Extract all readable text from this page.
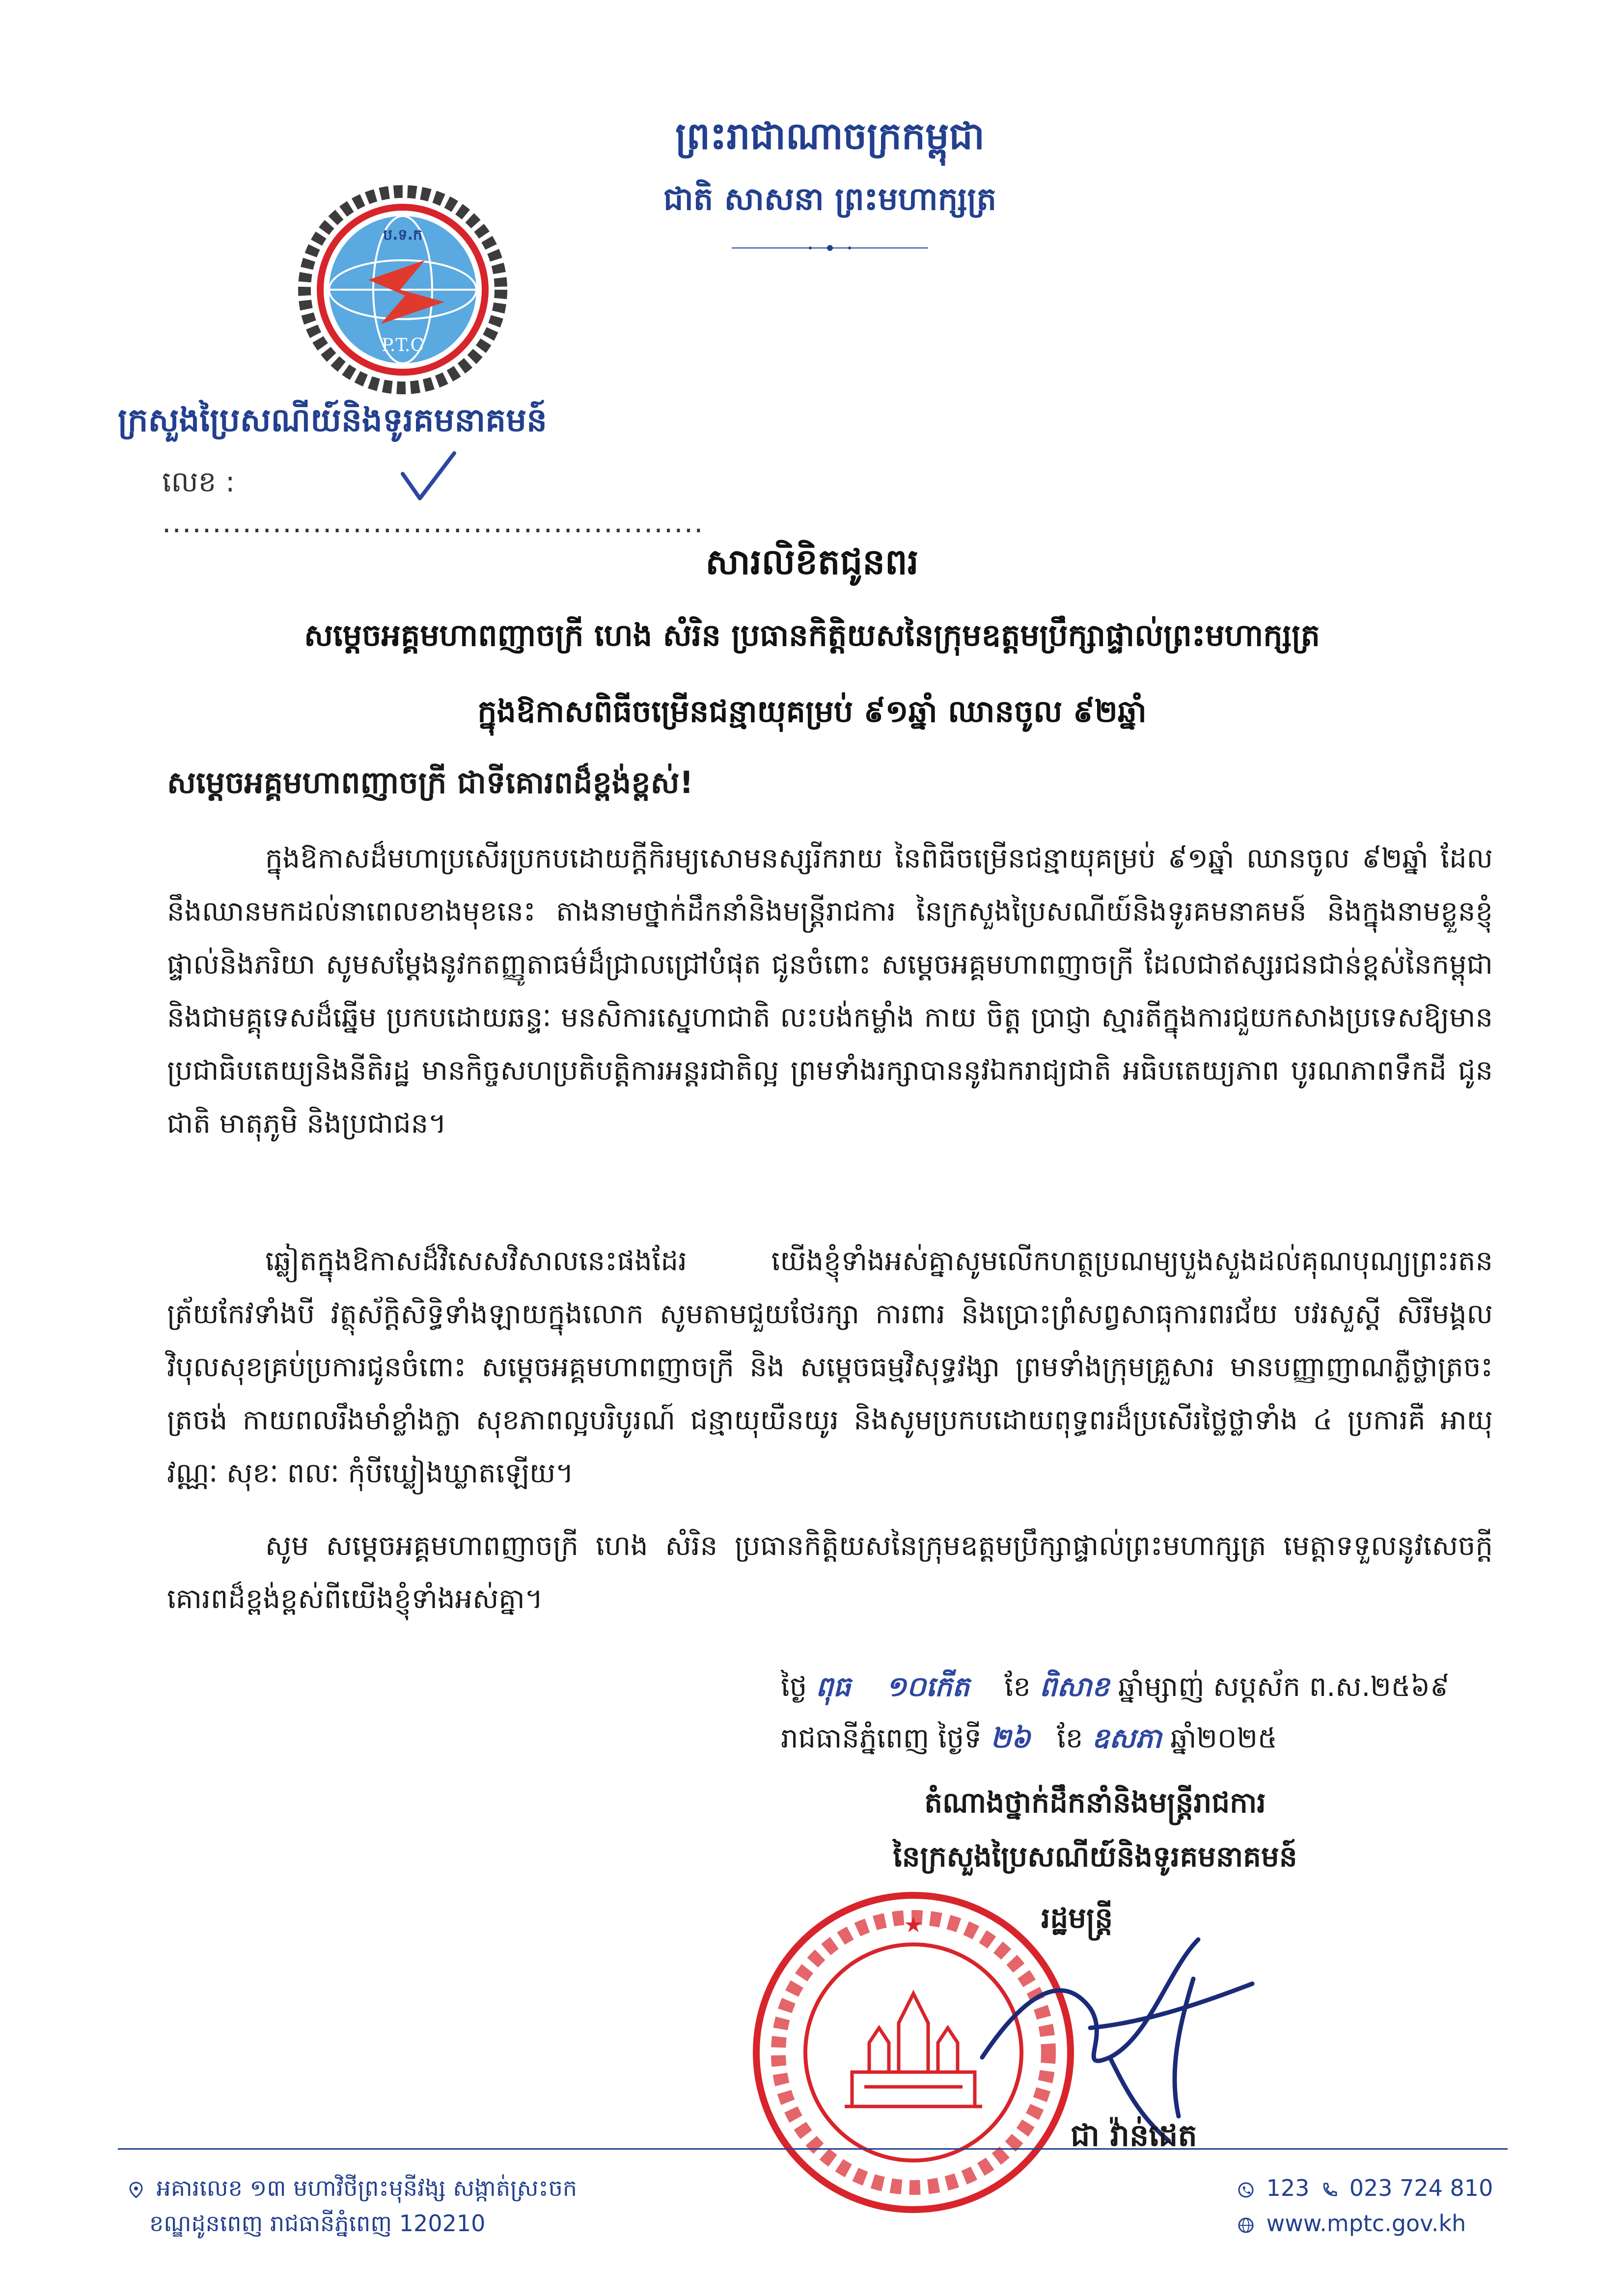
ព្រះរាជាណាចក្រកម្ពុជា
ជាតិ សាសនា ព្រះមហាក្សត្រ
ប.ទ.ក
P.T.C
ក្រសួងប្រៃសណីយ៍និងទូរគមនាគមន៍
លេខ : ......................................................
សារលិខិតជូនពរ
សម្តេចអគ្គមហាពញាចក្រី ហេង សំរិន ប្រធានកិត្តិយសនៃក្រុមឧត្តមប្រឹក្សាផ្ទាល់ព្រះមហាក្សត្រ
ក្នុងឱកាសពិធីចម្រើនជន្មាយុគម្រប់ ៩១ឆ្នាំ ឈានចូល ៩២ឆ្នាំ
សម្តេចអគ្គមហាពញាចក្រី ជាទីគោរពដ៏ខ្ពង់ខ្ពស់!
ក្នុងឱកាសដ៏មហាប្រសើរប្រកបដោយក្តីកិរម្យសោមនស្សរីករាយ នៃពិធីចម្រើនជន្មាយុគម្រប់ ៩១ឆ្នាំ ឈានចូល ៩២ឆ្នាំ ដែលនឹងឈានមកដល់នាពេលខាងមុខនេះ តាងនាមថ្នាក់ដឹកនាំនិងមន្ត្រីរាជការ នៃក្រសួងប្រៃសណីយ៍និងទូរគមនាគមន៍ និងក្នុងនាមខ្លួនខ្ញុំផ្ទាល់និងភរិយា សូមសម្តែងនូវកតញ្ញូតាធម៌ដ៏ជ្រាលជ្រៅបំផុត ជូនចំពោះ សម្តេចអគ្គមហាពញាចក្រី ដែលជាឥស្សរជនជាន់ខ្ពស់នៃកម្ពុជា និងជាមគ្គុទេសដ៏ឆ្នើម ប្រកបដោយឆន្ទៈ មនសិការស្នេហាជាតិ លះបង់កម្លាំង កាយ ចិត្ត ប្រាជ្ញា ស្មារតីក្នុងការជួយកសាងប្រទេសឱ្យមានប្រជាធិបតេយ្យនិងនីតិរដ្ឋ មានកិច្ចសហប្រតិបត្តិការអន្តរជាតិល្អ ព្រមទាំងរក្សាបាននូវឯករាជ្យជាតិ អធិបតេយ្យភាព បូរណភាពទឹកដី ជូនជាតិ មាតុភូមិ និងប្រជាជន។
ឆ្លៀតក្នុងឱកាសដ៏វិសេសវិសាលនេះផងដែរ យើងខ្ញុំទាំងអស់គ្នាសូមលើកហត្ថប្រណម្យបួងសួងដល់គុណបុណ្យព្រះរតនត្រ័យកែវទាំងបី វត្ថុស័ក្តិសិទ្ធិទាំងឡាយក្នុងលោក សូមតាមជួយថែរក្សា ការពារ និងប្រោះព្រំសព្វសាធុការពរជ័យ បវរសួស្តី សិរីមង្គល វិបុលសុខគ្រប់ប្រការជូនចំពោះ សម្តេចអគ្គមហាពញាចក្រី និង សម្តេចធម្មវិសុទ្ធវង្សា ព្រមទាំងក្រុមគ្រួសារ មានបញ្ញាញាណភ្លឺថ្លាត្រចះត្រចង់ កាយពលរឹងមាំខ្លាំងក្លា សុខភាពល្អបរិបូរណ៍ ជន្មាយុយឺនយូរ និងសូមប្រកបដោយពុទ្ធពរដ៏ប្រសើរថ្លៃថ្លាទាំង ៤ ប្រការគឺ អាយុ វណ្ណៈ សុខៈ ពលៈ កុំបីឃ្លៀងឃ្លាតឡើយ។
សូម សម្តេចអគ្គមហាពញាចក្រី ហេង សំរិន ប្រធានកិត្តិយសនៃក្រុមឧត្តមប្រឹក្សាផ្ទាល់ព្រះមហាក្សត្រ មេត្តាទទួលនូវសេចក្តីគោរពដ៏ខ្ពង់ខ្ពស់ពីយើងខ្ញុំទាំងអស់គ្នា។
ថ្ងៃ ពុធ ១០កើត ខែ ពិសាខ ឆ្នាំម្សាញ់ សប្តស័ក ព.ស.២៥៦៩
រាជធានីភ្នំពេញ ថ្ងៃទី ២៦ ខែ ឧសភា ឆ្នាំ២០២៥
តំណាងថ្នាក់ដឹកនាំនិងមន្ត្រីរាជការ
នៃក្រសួងប្រៃសណីយ៍និងទូរគមនាគមន៍
រដ្ឋមន្ត្រី
★
ជា វ៉ាន់ដេត
អគារលេខ ១៣ មហាវិថីព្រះមុនីវង្ស សង្កាត់ស្រះចក
ខណ្ឌដូនពេញ រាជធានីភ្នំពេញ 120210
123 023 724 810
www.mptc.gov.kh
